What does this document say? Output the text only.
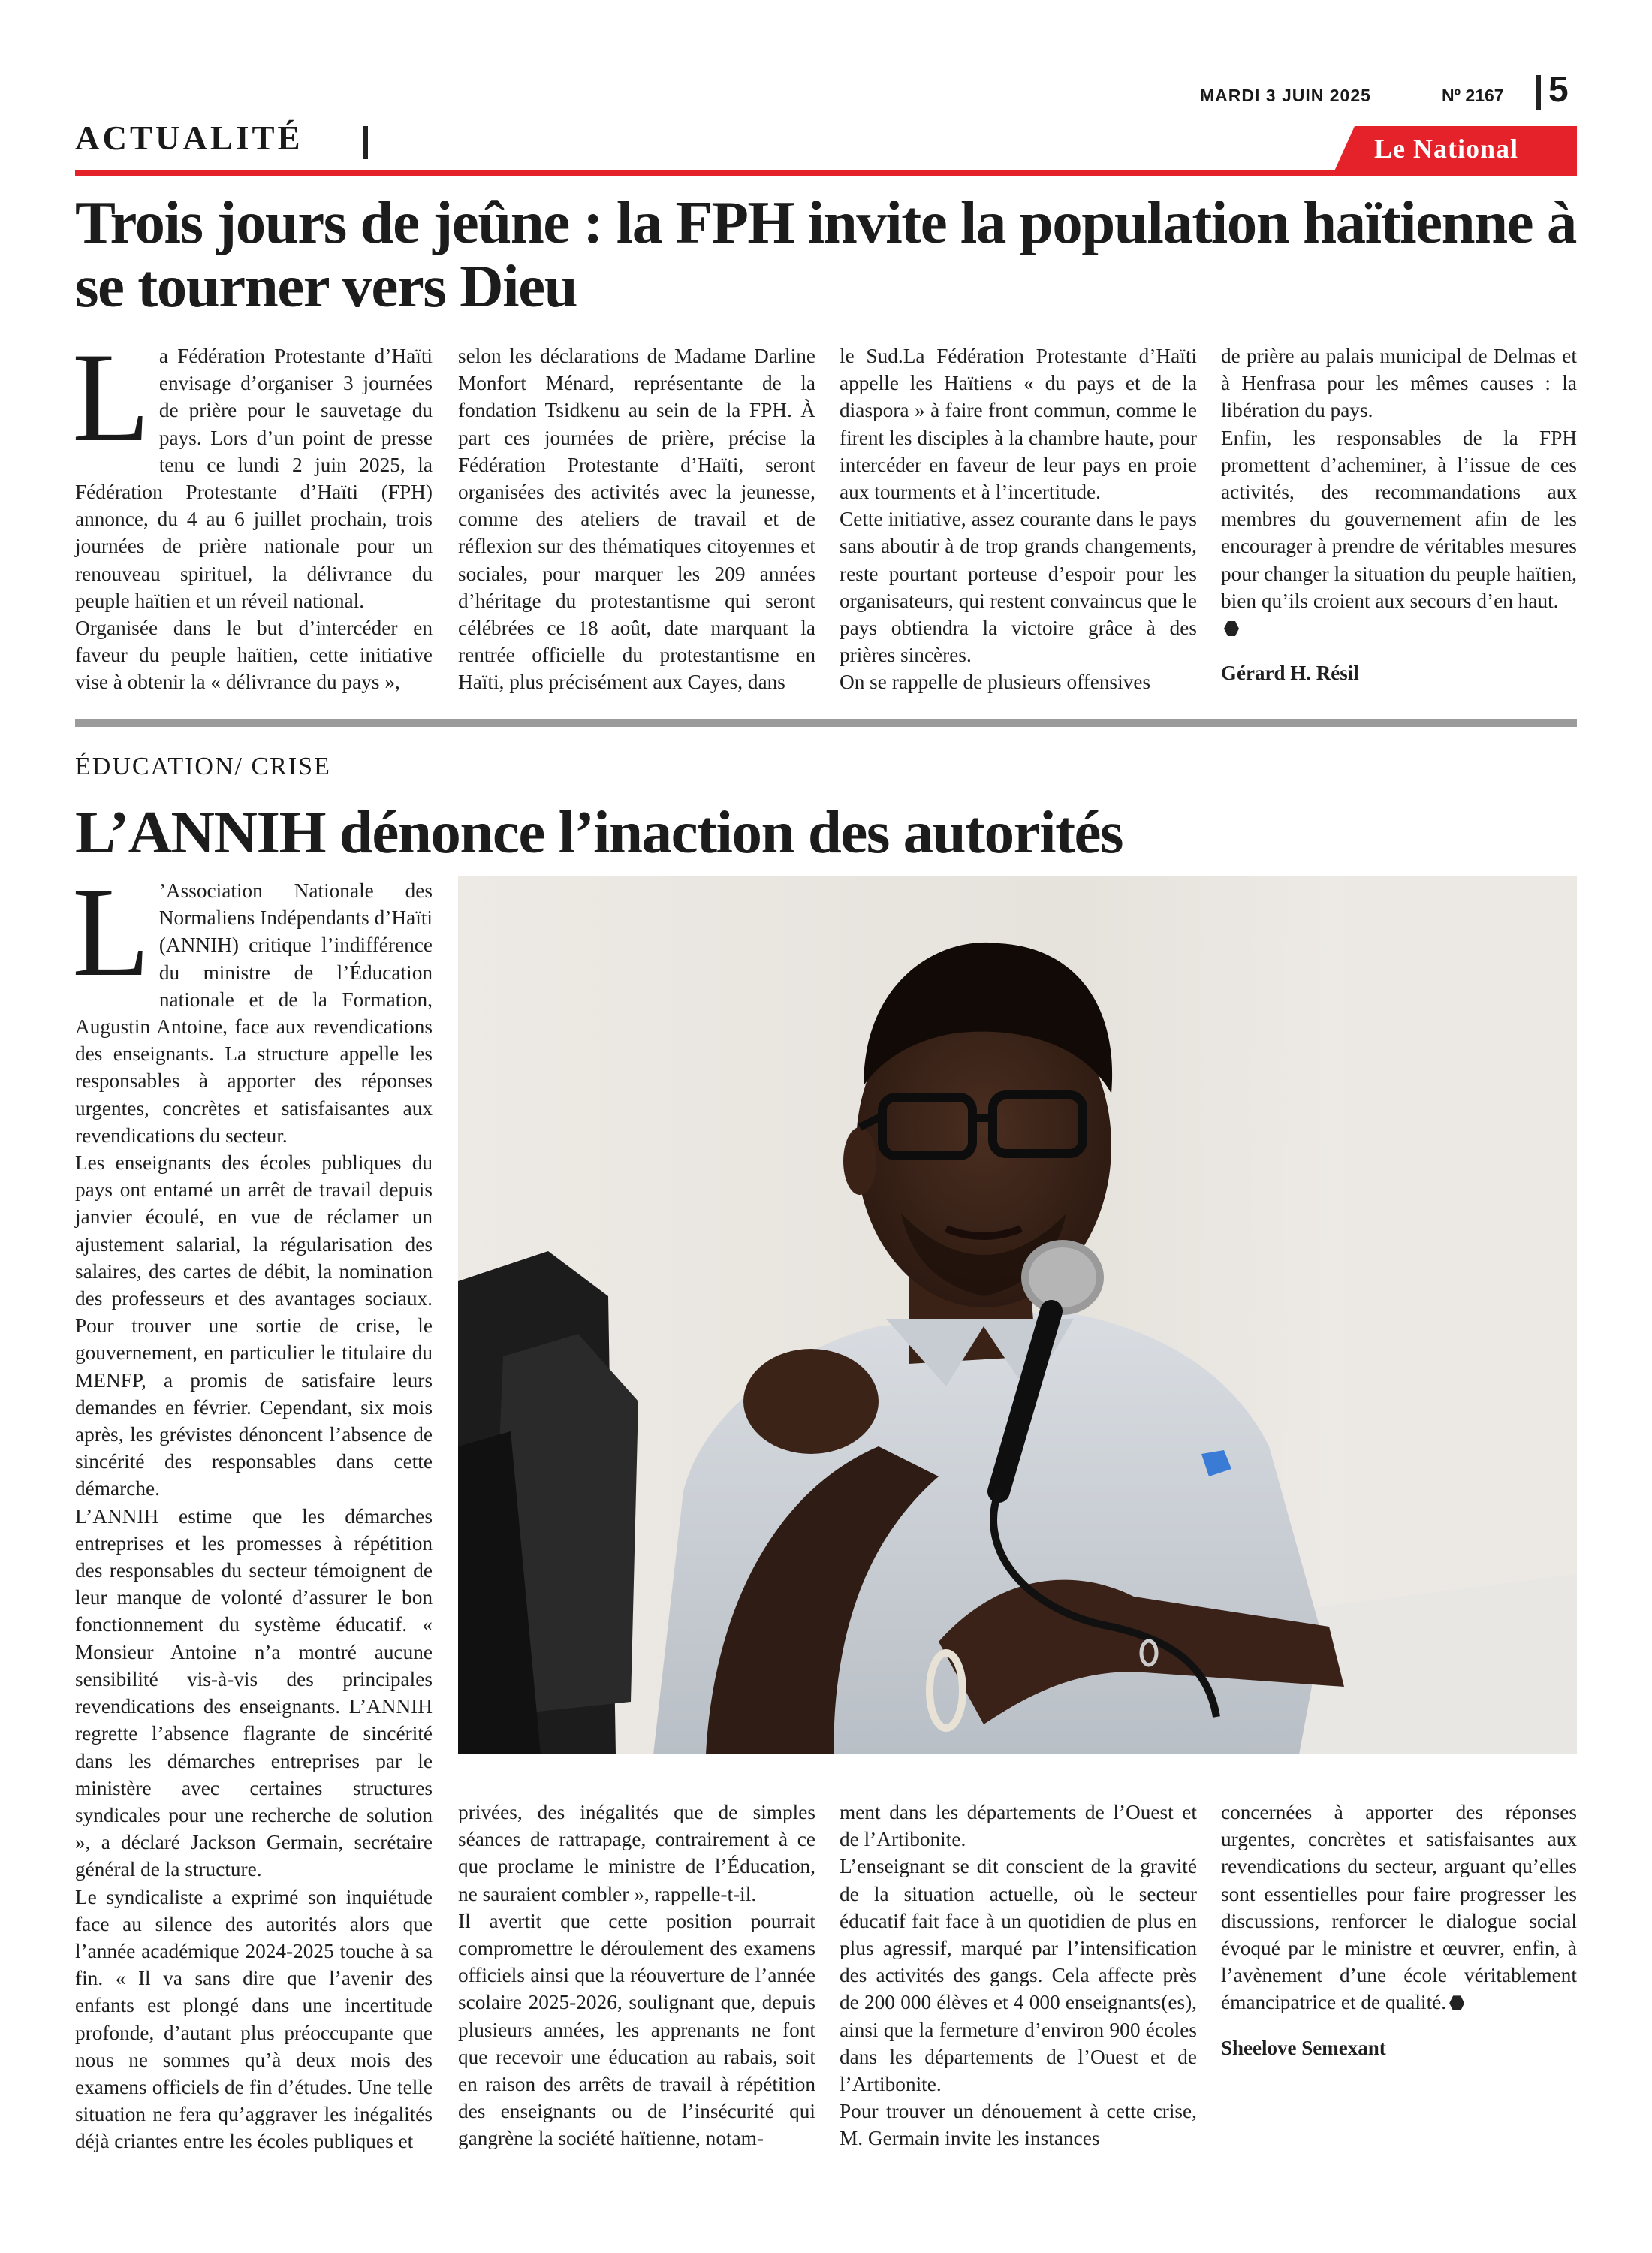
MARDI 3 JUIN 2025	Nº 2167 5
ACTUALITÉ	Le National
Trois jours de jeûne : la FPH invite la population haïtienne à se tourner vers Dieu
L a Fédération Protestante d’Haïti envisage d’organiser 3 journées de prière pour le sauvetage du pays. Lors d’un point de presse tenu ce lundi 2 juin 2025, la Fédération Protestante d’Haïti (FPH) annonce, du 4 au 6 juillet prochain, trois journées de prière nationale pour un renouveau spirituel, la délivrance du peuple haïtien et un réveil national.

Organisée dans le but d’intercéder en faveur du peuple haïtien, cette initiative vise à obtenir la « délivrance du pays »,

selon les déclarations de Madame Darline Monfort Ménard, représentante de la fondation Tsidkenu au sein de la FPH. À part ces journées de prière, précise la Fédération Protestante d’Haïti, seront organisées des activités avec la jeunesse, comme des ateliers de travail et de réflexion sur des thématiques citoyennes et sociales, pour marquer les 209 années d’héritage du protestantisme qui seront célébrées ce 18 août, date marquant la rentrée officielle du protestantisme en Haïti, plus précisément aux Cayes, dans

le Sud.La Fédération Protestante d’Haïti appelle les Haïtiens « du pays et de la diaspora » à faire front commun, comme le firent les disciples à la chambre haute, pour intercéder en faveur de leur pays en proie aux tourments et à l’incertitude.

Cette initiative, assez courante dans le pays sans aboutir à de trop grands changements, reste pourtant porteuse d’espoir pour les organisateurs, qui restent convaincus que le pays obtiendra la victoire grâce à des prières sincères.

On se rappelle de plusieurs offensives

de prière au palais municipal de Delmas et à Henfrasa pour les mêmes causes : la libération du pays.

Enfin, les responsables de la FPH promettent d’acheminer, à l’issue de ces activités, des recommandations aux membres du gouvernement afin de les encourager à prendre de véritables mesures pour changer la situation du peuple haïtien, bien qu’ils croient aux secours d’en haut.

Gérard H. Résil

ÉDUCATION/ CRISE
L’ANNIH dénonce l’inaction des autorités
L ’Association Nationale des Normaliens Indépendants d’Haïti (ANNIH) critique l’indifférence du ministre de l’Éducation nationale et de la Formation, Augustin Antoine, face aux revendications des enseignants. La structure appelle les responsables à apporter des réponses urgentes, concrètes et satisfaisantes aux revendications du secteur.

Les enseignants des écoles publiques du pays ont entamé un arrêt de travail depuis janvier écoulé, en vue de réclamer un ajustement salarial, la régularisation des salaires, des cartes de débit, la nomination des professeurs et des avantages sociaux. Pour trouver une sortie de crise, le gouvernement, en particulier le titulaire du MENFP, a promis de satisfaire leurs demandes en février. Cependant, six mois après, les grévistes dénoncent l’absence de sincérité des responsables dans cette démarche.

L’ANNIH estime que les démarches entreprises et les promesses à répétition des responsables du secteur témoignent de leur manque de volonté d’assurer le bon fonctionnement du système éducatif. « Monsieur Antoine n’a montré aucune sensibilité vis-à-vis des principales revendications des enseignants. L’ANNIH regrette l’absence flagrante de sincérité dans les démarches entreprises par le ministère avec certaines structures syndicales pour une recherche de solution », a déclaré Jackson Germain, secrétaire général de la structure.

Le syndicaliste a exprimé son inquiétude face au silence des autorités alors que l’année académique 2024-2025 touche à sa fin. « Il va sans dire que l’avenir des enfants est plongé dans une incertitude profonde, d’autant plus préoccupante que nous ne sommes qu’à deux mois des examens officiels de fin d’études. Une telle situation ne fera qu’aggraver les inégalités déjà criantes entre les écoles publiques et

privées, des inégalités que de simples séances de rattrapage, contrairement à ce que proclame le ministre de l’Éducation, ne sauraient combler », rappelle-t-il.

Il avertit que cette position pourrait compromettre le déroulement des examens officiels ainsi que la réouverture de l’année scolaire 2025-2026, soulignant que, depuis plusieurs années, les apprenants ne font que recevoir une éducation au rabais, soit en raison des arrêts de travail à répétition des enseignants ou de l’insécurité qui gangrène la société haïtienne, notam-

ment dans les départements de l’Ouest et de l’Artibonite.

L’enseignant se dit conscient de la gravité de la situation actuelle, où le secteur éducatif fait face à un quotidien de plus en plus agressif, marqué par l’intensification des activités des gangs. Cela affecte près de 200 000 élèves et 4 000 enseignants(es), ainsi que la fermeture d’environ 900 écoles dans les départements de l’Ouest et de l’Artibonite.

Pour trouver un dénouement à cette crise, M. Germain invite les instances

concernées à apporter des réponses urgentes, concrètes et satisfaisantes aux revendications du secteur, arguant qu’elles sont essentielles pour faire progresser les discussions, renforcer le dialogue social évoqué par le ministre et œuvrer, enfin, à l’avènement d’une école véritablement émancipatrice et de qualité.

Sheelove Semexant
